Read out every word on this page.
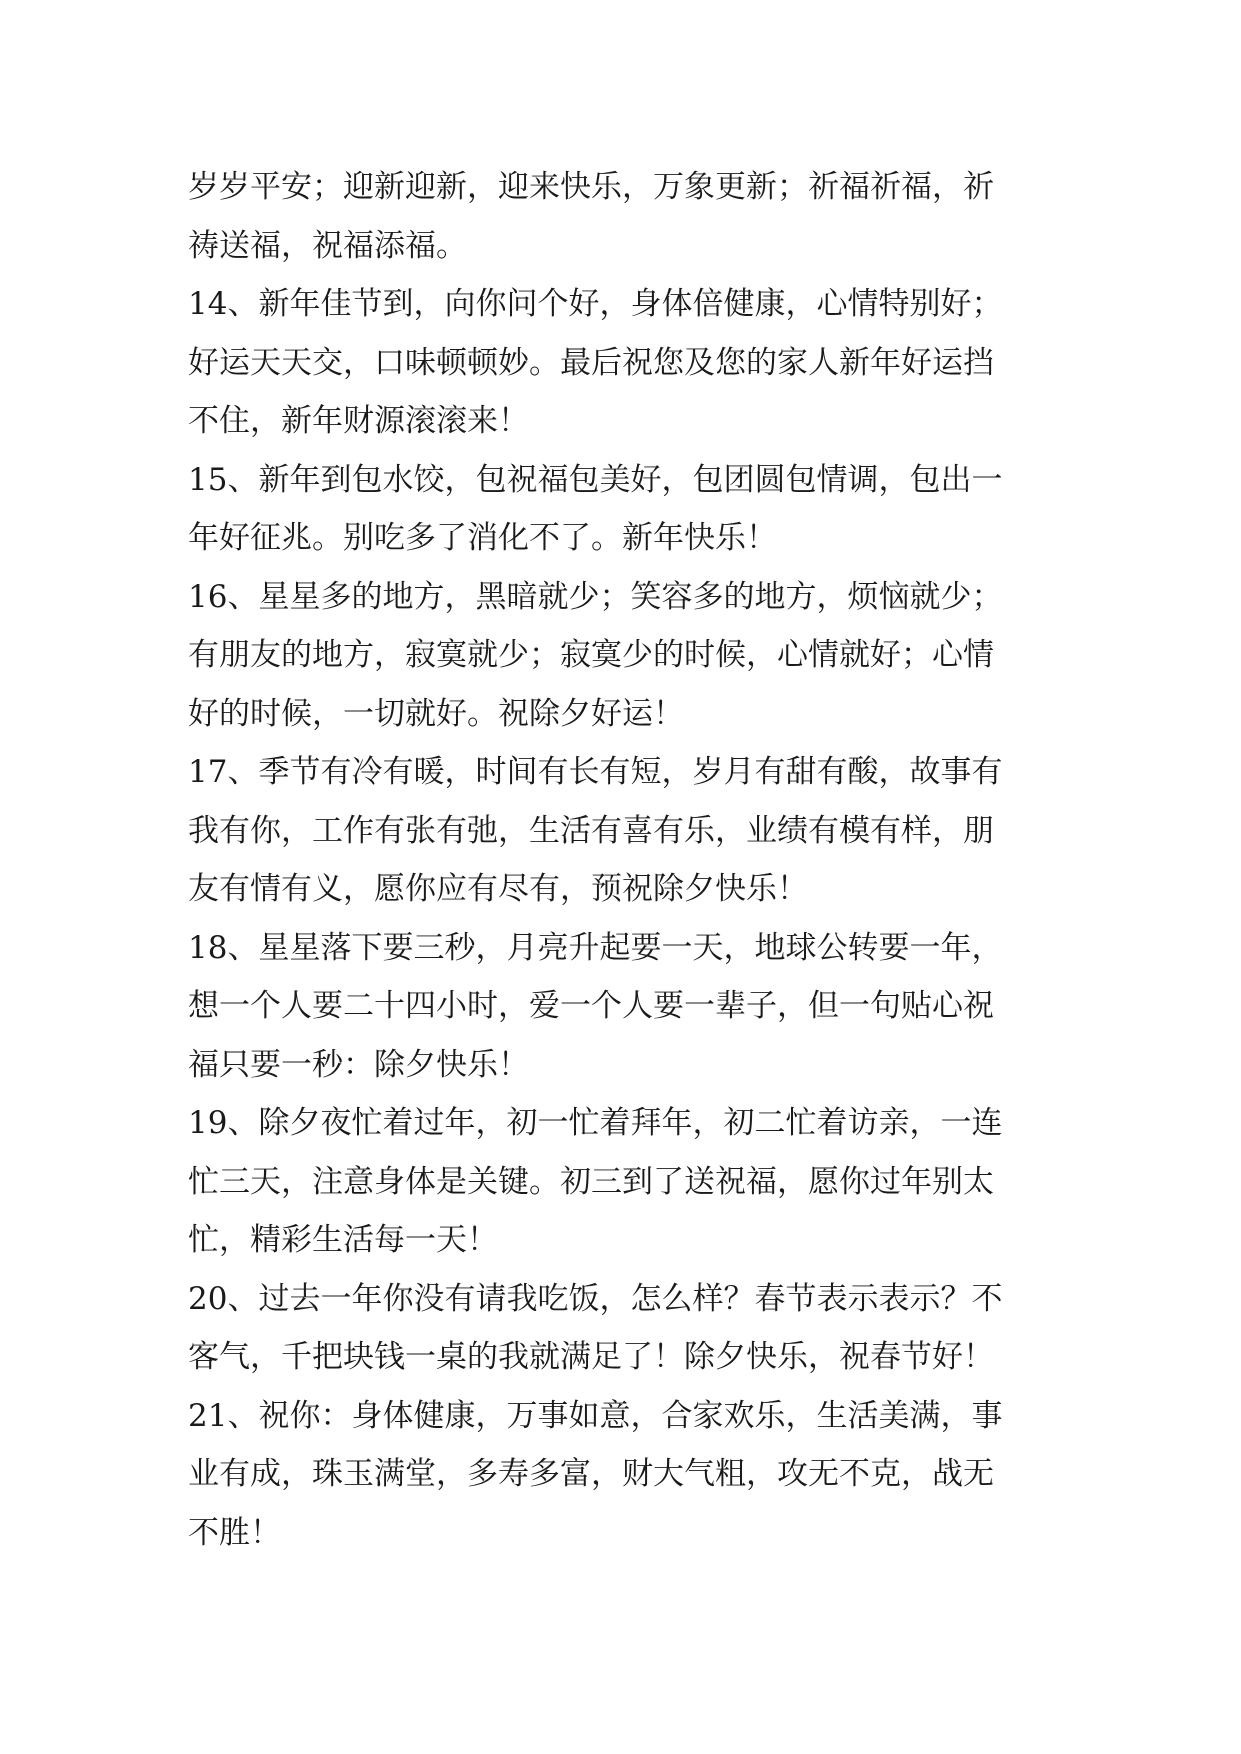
岁岁平安；迎新迎新，迎来快乐，万象更新；祈福祈福，祈
祷送福，祝福添福。
14、新年佳节到，向你问个好，身体倍健康，心情特别好；
好运天天交，口味顿顿妙。最后祝您及您的家人新年好运挡
不住，新年财源滚滚来！
15、新年到包水饺，包祝福包美好，包团圆包情调，包出一
年好征兆。别吃多了消化不了。新年快乐！
16、星星多的地方，黑暗就少；笑容多的地方，烦恼就少；
有朋友的地方，寂寞就少；寂寞少的时候，心情就好；心情
好的时候，一切就好。祝除夕好运！
17、季节有冷有暖，时间有长有短，岁月有甜有酸，故事有
我有你，工作有张有弛，生活有喜有乐，业绩有模有样，朋
友有情有义，愿你应有尽有，预祝除夕快乐！
18、星星落下要三秒，月亮升起要一天，地球公转要一年，
想一个人要二十四小时，爱一个人要一辈子，但一句贴心祝
福只要一秒：除夕快乐！
19、除夕夜忙着过年，初一忙着拜年，初二忙着访亲，一连
忙三天，注意身体是关键。初三到了送祝福，愿你过年别太
忙，精彩生活每一天！
20、过去一年你没有请我吃饭，怎么样？春节表示表示？不
客气，千把块钱一桌的我就满足了！除夕快乐，祝春节好！
21、祝你：身体健康，万事如意，合家欢乐，生活美满，事
业有成，珠玉满堂，多寿多富，财大气粗，攻无不克，战无
不胜！
